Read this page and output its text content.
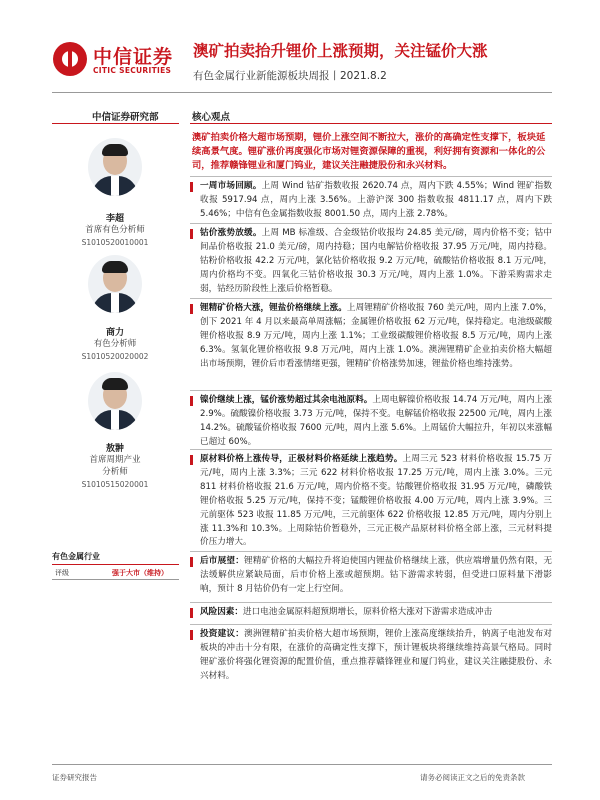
中信证券
CITIC SECURITIES
澳矿拍卖抬升锂价上涨预期，关注锰价大涨
有色金属行业新能源板块周报丨2021.8.2
中信证券研究部
李超
首席有色分析师
S1010520010001
商力
有色分析师
S1010520020002
敖翀
首席周期产业
分析师
S1010515020001
有色金属行业
评级	强于大市（维持）
核心观点
澳矿拍卖价格大超市场预期，锂价上涨空间不断拉大，涨价的高确定性支撑下，板块延续高景气度。锂矿涨价再度强化市场对锂资源保障的重视，利好拥有资源和一体化的公司，推荐赣锋锂业和厦门钨业，建议关注融捷股份和永兴材料。

一周市场回顾。上周 Wind 钴矿指数收报 2620.74 点，周内下跌 4.55%；Wind 锂矿指数收报 5917.94 点，周内上涨 3.56%。上游沪深 300 指数收报 4811.17 点，周内下跌 5.46%；中信有色金属指数收报 8001.50 点，周内上涨 2.78%。

钴价涨势放缓。上周 MB 标准级、合金级钴价收报均 24.85 美元/磅，周内价格不变；钴中间品价格收报 21.0 美元/磅，周内持稳；国内电解钴价格收报 37.95 万元/吨，周内持稳。钴粉价格收报 42.2 万元/吨，氯化钴价格收报 9.2 万元/吨，硫酸钴价格收报 8.1 万元/吨，周内价格均不变。四氧化三钴价格收报 30.3 万元/吨，周内上涨 1.0%。下游采购需求走弱，钴经历阶段性上涨后价格暂稳。

锂精矿价格大涨，锂盐价格继续上涨。上周锂精矿价格收报 760 美元/吨，周内上涨 7.0%，创下 2021 年 4 月以来最高单周涨幅；金属锂价格收报 62 万元/吨，保持稳定。电池级碳酸锂价格收报 8.9 万元/吨，周内上涨 1.1%；工业级碳酸锂价格收报 8.5 万元/吨，周内上涨 6.3%。氢氧化锂价格收报 9.8 万元/吨，周内上涨 1.0%。澳洲锂精矿企业拍卖价格大幅超出市场预期，锂价后市看涨情绪更强，锂精矿价格涨势加速，锂盐价格也维持涨势。

镍价继续上涨，锰价涨势超过其余电池原料。上周电解镍价格收报 14.74 万元/吨，周内上涨 2.9%。硫酸镍价格收报 3.73 万元/吨，保持不变。电解锰价格收报 22500 元/吨，周内上涨 14.2%。硫酸锰价格收报 7600 元/吨，周内上涨 5.6%。上周锰价大幅拉升，年初以来涨幅已超过 60%。

原材料价格上涨传导，正极材料价格延续上涨趋势。上周三元 523 材料价格收报 15.75 万元/吨，周内上涨 3.3%；三元 622 材料价格收报 17.25 万元/吨，周内上涨 3.0%。三元 811 材料价格收报 21.6 万元/吨，周内价格不变。钴酸锂价格收报 31.95 万元/吨，磷酸铁锂价格收报 5.25 万元/吨，保持不变；锰酸锂价格收报 4.00 万元/吨，周内上涨 3.9%。三元前驱体 523 收报 11.85 万元/吨，三元前驱体 622 价格收报 12.85 万元/吨，周内分别上涨 11.3%和 10.3%。上周除钴价暂稳外，三元正极产品原材料价格全部上涨，三元材料提价压力增大。

后市展望：锂精矿价格的大幅拉升将迫使国内锂盐价格继续上涨，供应端增量仍然有限，无法缓解供应紧缺局面，后市价格上涨或超预期。钴下游需求转弱，但受进口原料量下滑影响，预计 8 月钴价仍有一定上行空间。

风险因素：进口电池金属原料超预期增长，原料价格大涨对下游需求造成冲击

投资建议：澳洲锂精矿拍卖价格大超市场预期，锂价上涨高度继续抬升，钠离子电池发布对板块的冲击十分有限，在涨价的高确定性支撑下，预计锂板块将继续维持高景气格局。同时锂矿涨价将强化锂资源的配置价值，重点推荐赣锋锂业和厦门钨业，建议关注融捷股份、永兴材料。

证券研究报告	请务必阅读正文之后的免责条款
